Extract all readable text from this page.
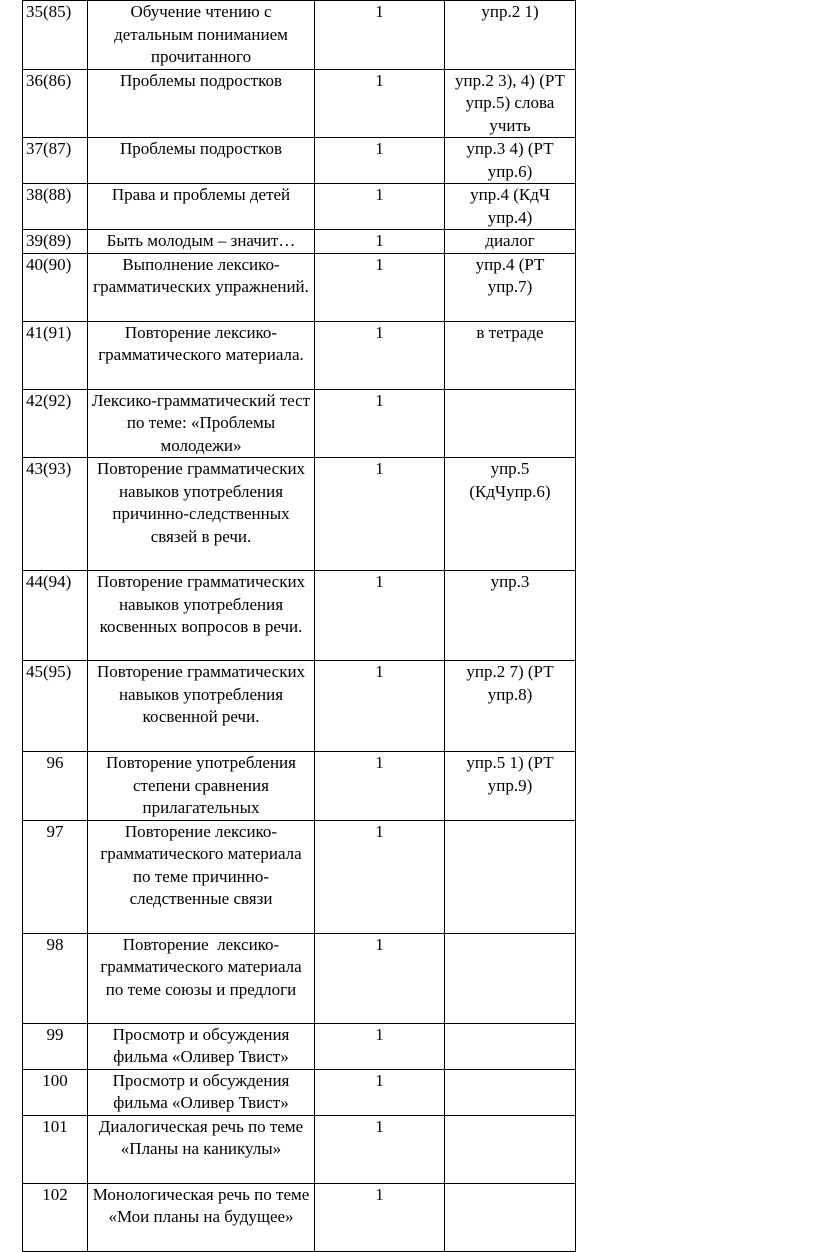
35(85)	Обучение чтению с детальным пониманием прочитанного	1	упр.2 1)
36(86)	Проблемы подростков	1	упр.2 3), 4) (РТ упр.5) слова учить
37(87)	Проблемы подростков	1	упр.3 4) (РТ упр.6)
38(88)	Права и проблемы детей	1	упр.4 (КдЧ упр.4)
39(89)	Быть молодым – значит…	1	диалог
40(90)	Выполнение лексико-грамматических упражнений.	1	упр.4 (РТ упр.7)
41(91)	Повторение лексико-грамматического материала.	1	в тетраде
42(92)	Лексико-грамматический тест по теме: «Проблемы молодежи»	1	
43(93)	Повторение грамматических навыков употребления причинно-следственных связей в речи.	1	упр.5 (КдЧупр.6)
44(94)	Повторение грамматических навыков употребления косвенных вопросов в речи.	1	упр.3
45(95)	Повторение грамматических навыков употребления косвенной речи.	1	упр.2 7) (РТ упр.8)
96	Повторение употребления степени сравнения прилагательных	1	упр.5 1) (РТ упр.9)
97	Повторение лексико-грамматического материала по теме причинно-следственные связи	1	
98	Повторение  лексико-грамматического материала по теме союзы и предлоги	1	
99	Просмотр и обсуждения фильма «Оливер Твист»	1	
100	Просмотр и обсуждения фильма «Оливер Твист»	1	
101	Диалогическая речь по теме «Планы на каникулы»	1	
102	Монологическая речь по теме «Мои планы на будущее»	1	
